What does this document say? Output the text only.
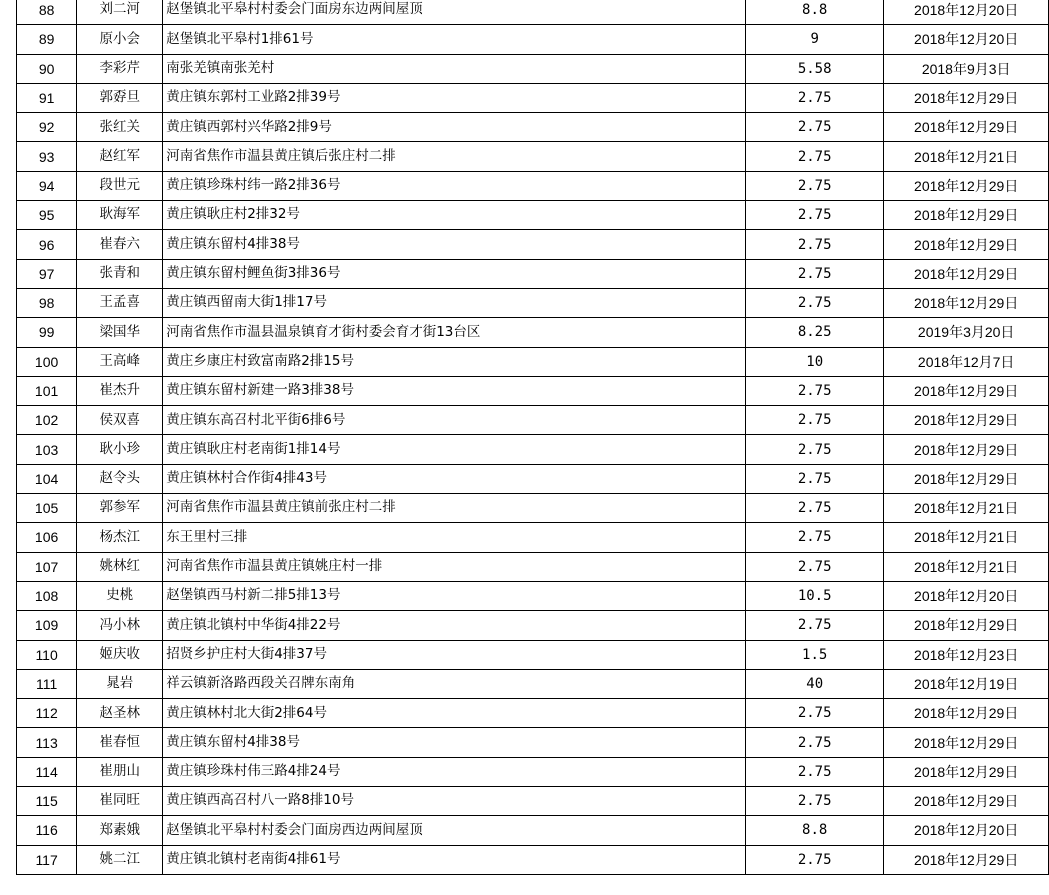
88	刘二河	赵堡镇北平皋村村委会门面房东边两间屋顶	8.8	2018年12月20日
89	原小会	赵堡镇北平皋村1排61号	9	2018年12月20日
90	李彩芹	南张羌镇南张羌村	5.58	2018年9月3日
91	郭孬旦	黄庄镇东郭村工业路2排39号	2.75	2018年12月29日
92	张红关	黄庄镇西郭村兴华路2排9号	2.75	2018年12月29日
93	赵红军	河南省焦作市温县黄庄镇后张庄村二排	2.75	2018年12月21日
94	段世元	黄庄镇珍珠村纬一路2排36号	2.75	2018年12月29日
95	耿海军	黄庄镇耿庄村2排32号	2.75	2018年12月29日
96	崔春六	黄庄镇东留村4排38号	2.75	2018年12月29日
97	张青和	黄庄镇东留村鲤鱼街3排36号	2.75	2018年12月29日
98	王孟喜	黄庄镇西留南大街1排17号	2.75	2018年12月29日
99	梁国华	河南省焦作市温县温泉镇育才街村委会育才街13台区	8.25	2019年3月20日
100	王高峰	黄庄乡康庄村致富南路2排15号	10	2018年12月7日
101	崔杰升	黄庄镇东留村新建一路3排38号	2.75	2018年12月29日
102	侯双喜	黄庄镇东高召村北平街6排6号	2.75	2018年12月29日
103	耿小珍	黄庄镇耿庄村老南街1排14号	2.75	2018年12月29日
104	赵令头	黄庄镇林村合作街4排43号	2.75	2018年12月29日
105	郭参军	河南省焦作市温县黄庄镇前张庄村二排	2.75	2018年12月21日
106	杨杰江	东王里村三排	2.75	2018年12月21日
107	姚林红	河南省焦作市温县黄庄镇姚庄村一排	2.75	2018年12月21日
108	史桃	赵堡镇西马村新二排5排13号	10.5	2018年12月20日
109	冯小林	黄庄镇北镇村中华街4排22号	2.75	2018年12月29日
110	姬庆收	招贤乡护庄村大街4排37号	1.5	2018年12月23日
111	晁岩	祥云镇新洛路西段关召牌东南角	40	2018年12月19日
112	赵圣林	黄庄镇林村北大街2排64号	2.75	2018年12月29日
113	崔春恒	黄庄镇东留村4排38号	2.75	2018年12月29日
114	崔朋山	黄庄镇珍珠村伟三路4排24号	2.75	2018年12月29日
115	崔同旺	黄庄镇西高召村八一路8排10号	2.75	2018年12月29日
116	郑素娥	赵堡镇北平皋村村委会门面房西边两间屋顶	8.8	2018年12月20日
117	姚二江	黄庄镇北镇村老南街4排61号	2.75	2018年12月29日
